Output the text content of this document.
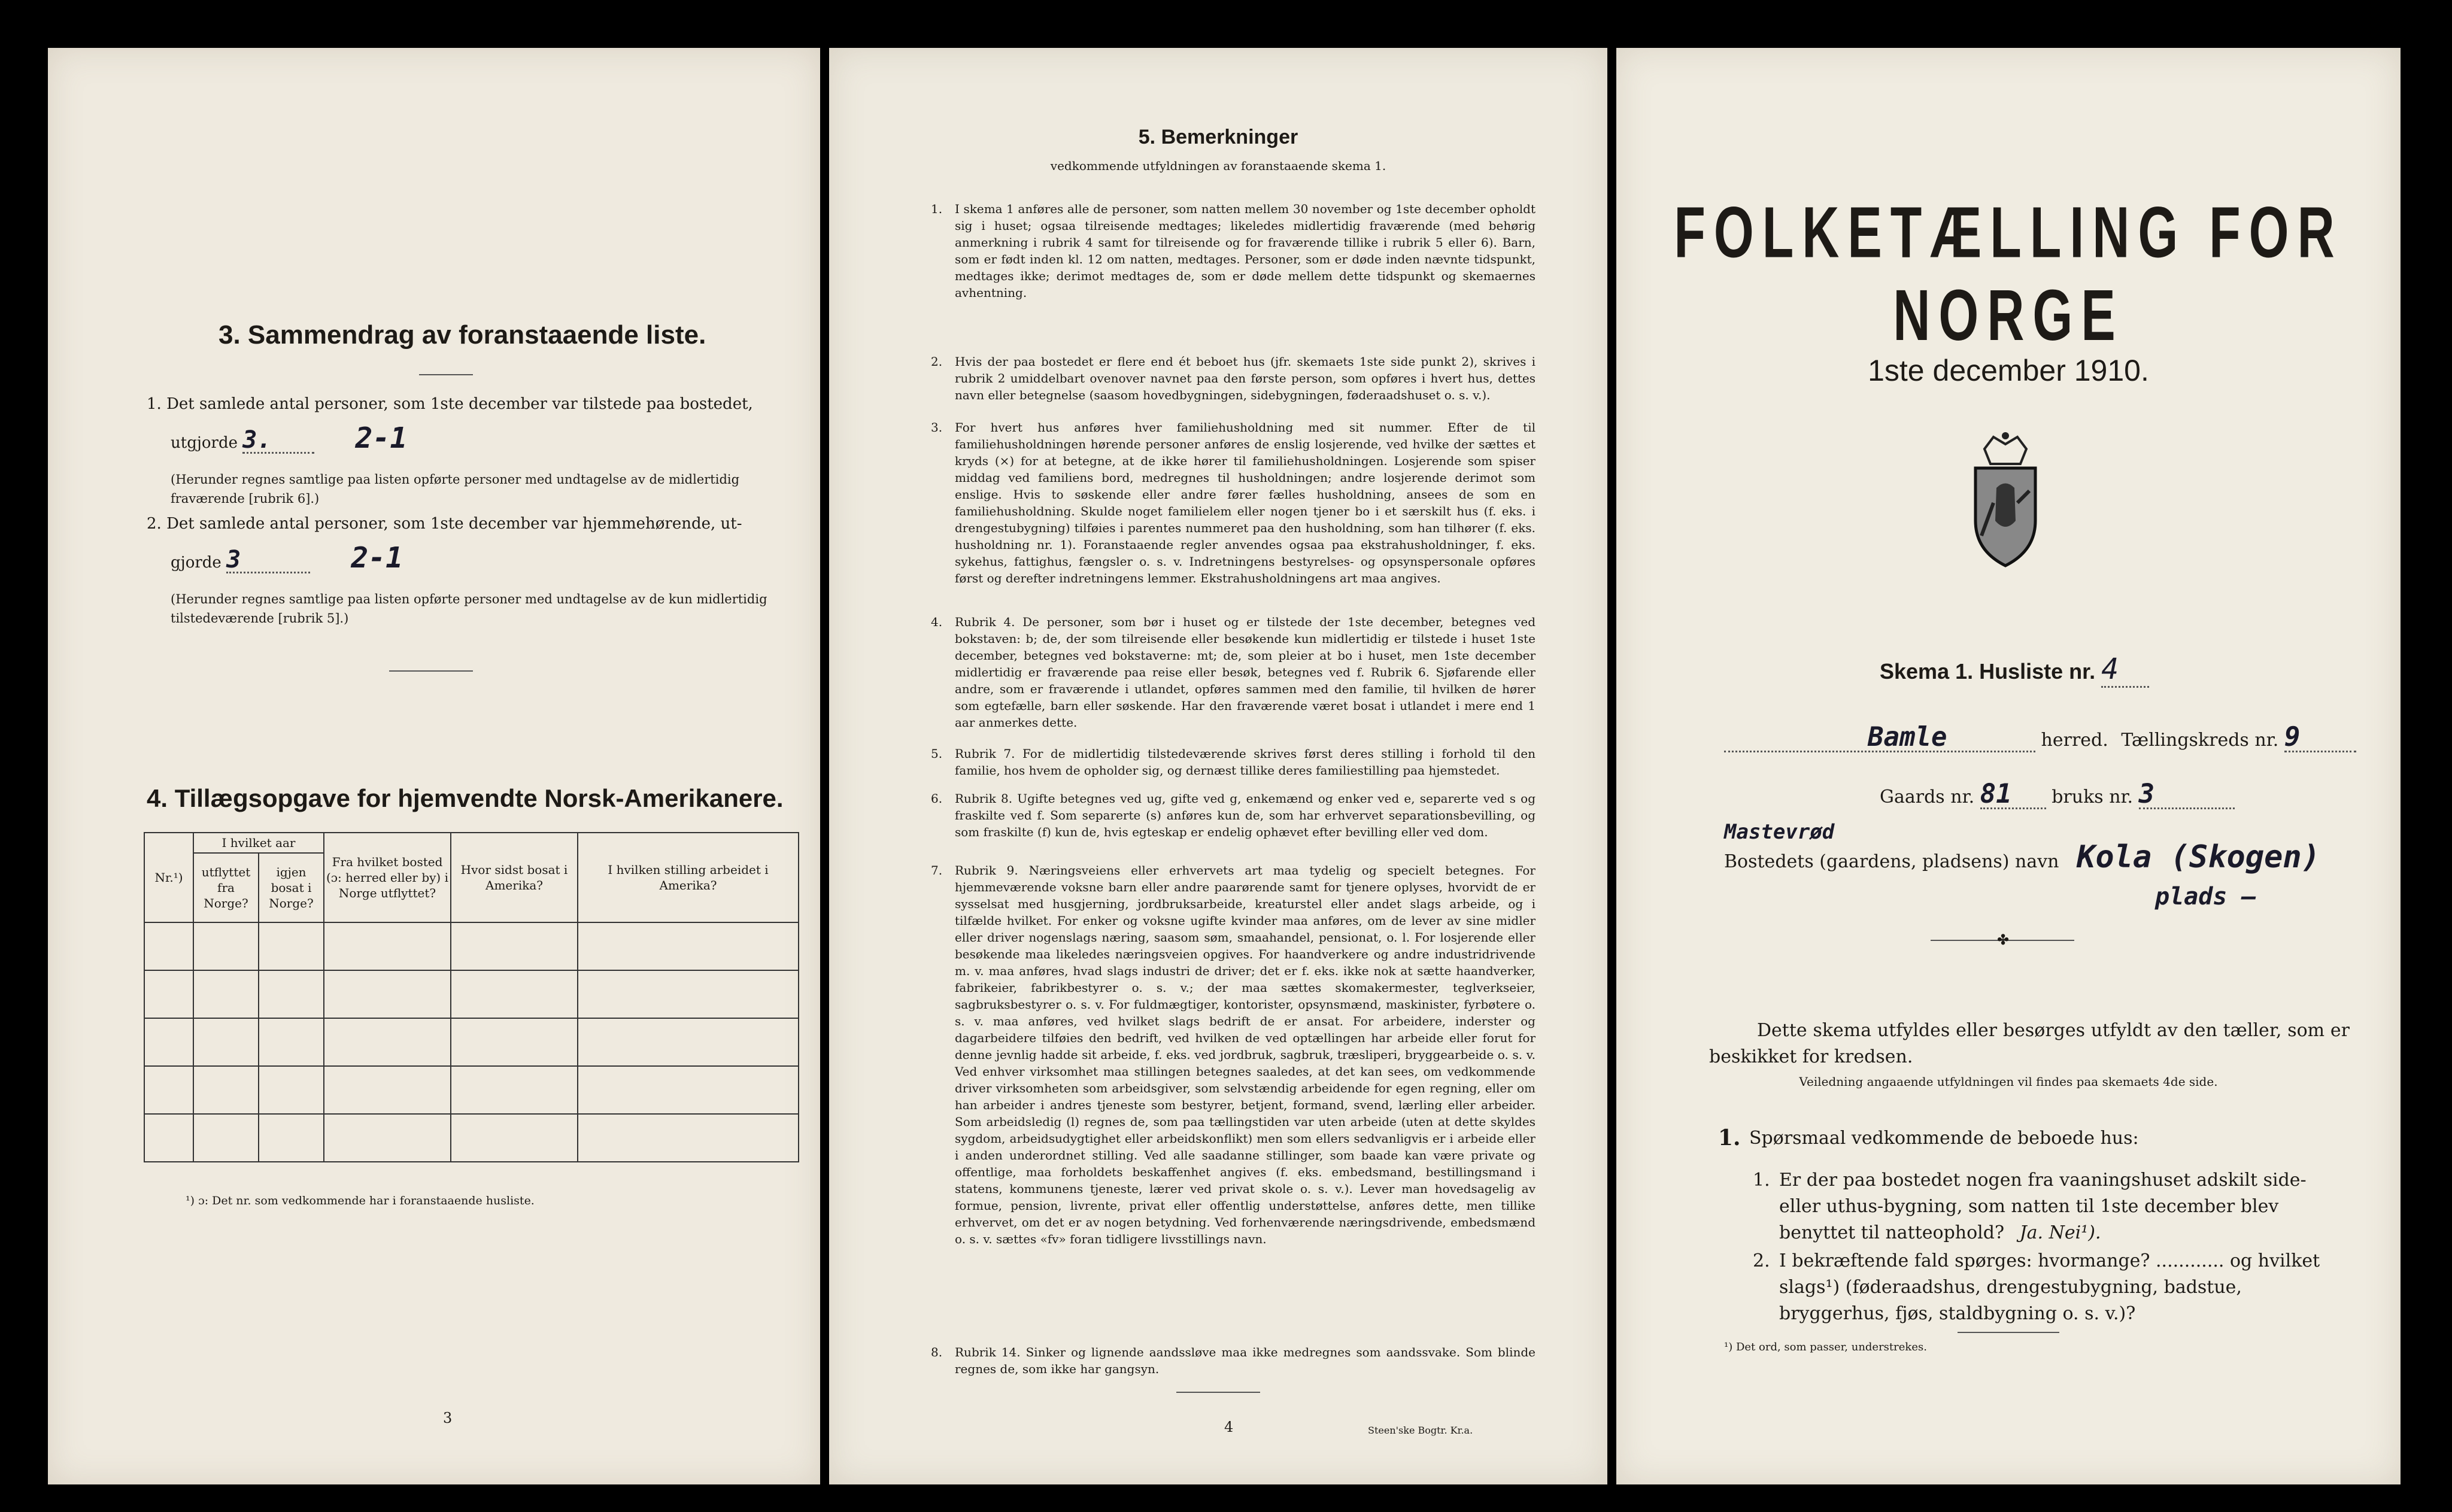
3. Sammendrag av foranstaaende liste.
1. Det samlede antal personer, som 1ste december var tilstede paa bostedet,
utgjorde 3.	2-1
(Herunder regnes samtlige paa listen opførte personer med undtagelse av de midlertidig fraværende [rubrik 6].)
2. Det samlede antal personer, som 1ste december var hjemmehørende, ut-
gjorde 3	2-1
(Herunder regnes samtlige paa listen opførte personer med undtagelse av de kun midlertidig tilstedeværende [rubrik 5].)
4. Tillægsopgave for hjemvendte Norsk-Amerikanere.
Nr.¹)	I hvilket aar		Fra hvilket bosted (ɔ: herred eller by) i Norge utflyttet?	Hvor sidst bosat i Amerika?	I hvilken stilling arbeidet i Amerika?
	utflyttet fra Norge?	igjen bosat i Norge?			

¹) ɔ: Det nr. som vedkommende har i foranstaaende husliste.
3
5. Bemerkninger
vedkommende utfyldningen av foranstaaende skema 1.
1. I skema 1 anføres alle de personer, som natten mellem 30 november og 1ste december opholdt sig i huset; ogsaa tilreisende medtages; likeledes midlertidig fraværende (med behørig anmerkning i rubrik 4 samt for tilreisende og for fraværende tillike i rubrik 5 eller 6). Barn, som er født inden kl. 12 om natten, medtages. Personer, som er døde inden nævnte tidspunkt, medtages ikke; derimot medtages de, som er døde mellem dette tidspunkt og skemaernes avhentning.
2. Hvis der paa bostedet er flere end ét beboet hus (jfr. skemaets 1ste side punkt 2), skrives i rubrik 2 umiddelbart ovenover navnet paa den første person, som opføres i hvert hus, dettes navn eller betegnelse (saasom hovedbygningen, sidebygningen, føderaadshuset o. s. v.).
3. For hvert hus anføres hver familiehusholdning med sit nummer. Efter de til familiehusholdningen hørende personer anføres de enslig losjerende, ved hvilke der sættes et kryds (×) for at betegne, at de ikke hører til familiehusholdningen. Losjerende som spiser middag ved familiens bord, medregnes til husholdningen; andre losjerende derimot som enslige. Hvis to søskende eller andre fører fælles husholdning, ansees de som en familiehusholdning. Skulde noget familielem eller nogen tjener bo i et særskilt hus (f. eks. i drengestubygning) tilføies i parentes nummeret paa den husholdning, som han tilhører (f. eks. husholdning nr. 1). Foranstaaende regler anvendes ogsaa paa ekstrahusholdninger, f. eks. sykehus, fattighus, fængsler o. s. v. Indretningens bestyrelses- og opsynspersonale opføres først og derefter indretningens lemmer. Ekstrahusholdningens art maa angives.
4. Rubrik 4. De personer, som bør i huset og er tilstede der 1ste december, betegnes ved bokstaven: b; de, der som tilreisende eller besøkende kun midlertidig er tilstede i huset 1ste december, betegnes ved bokstaverne: mt; de, som pleier at bo i huset, men 1ste december midlertidig er fraværende paa reise eller besøk, betegnes ved f. Rubrik 6. Sjøfarende eller andre, som er fraværende i utlandet, opføres sammen med den familie, til hvilken de hører som egtefælle, barn eller søskende. Har den fraværende været bosat i utlandet i mere end 1 aar anmerkes dette.
5. Rubrik 7. For de midlertidig tilstedeværende skrives først deres stilling i forhold til den familie, hos hvem de opholder sig, og dernæst tillike deres familiestilling paa hjemstedet.
6. Rubrik 8. Ugifte betegnes ved ug, gifte ved g, enkemænd og enker ved e, separerte ved s og fraskilte ved f. Som separerte (s) anføres kun de, som har erhvervet separationsbevilling, og som fraskilte (f) kun de, hvis egteskap er endelig ophævet efter bevilling eller ved dom.
7. Rubrik 9. Næringsveiens eller erhvervets art maa tydelig og specielt betegnes. For hjemmeværende voksne barn eller andre paarørende samt for tjenere oplyses, hvorvidt de er sysselsat med husgjerning, jordbruksarbeide, kreaturstel eller andet slags arbeide, og i tilfælde hvilket. For enker og voksne ugifte kvinder maa anføres, om de lever av sine midler eller driver nogenslags næring, saasom søm, smaahandel, pensionat, o. l. For losjerende eller besøkende maa likeledes næringsveien opgives. For haandverkere og andre industridrivende m. v. maa anføres, hvad slags industri de driver; det er f. eks. ikke nok at sætte haandverker, fabrikeier, fabrikbestyrer o. s. v.; der maa sættes skomakermester, teglverkseier, sagbruksbestyrer o. s. v. For fuldmægtiger, kontorister, opsynsmænd, maskinister, fyrbøtere o. s. v. maa anføres, ved hvilket slags bedrift de er ansat. For arbeidere, inderster og dagarbeidere tilføies den bedrift, ved hvilken de ved optællingen har arbeide eller forut for denne jevnlig hadde sit arbeide, f. eks. ved jordbruk, sagbruk, træsliperi, bryggearbeide o. s. v. Ved enhver virksomhet maa stillingen betegnes saaledes, at det kan sees, om vedkommende driver virksomheten som arbeidsgiver, som selvstændig arbeidende for egen regning, eller om han arbeider i andres tjeneste som bestyrer, betjent, formand, svend, lærling eller arbeider. Som arbeidsledig (l) regnes de, som paa tællingstiden var uten arbeide (uten at dette skyldes sygdom, arbeidsudygtighet eller arbeidskonflikt) men som ellers sedvanligvis er i arbeide eller i anden underordnet stilling. Ved alle saadanne stillinger, som baade kan være private og offentlige, maa forholdets beskaffenhet angives (f. eks. embedsmand, bestillingsmand i statens, kommunens tjeneste, lærer ved privat skole o. s. v.). Lever man hovedsagelig av formue, pension, livrente, privat eller offentlig understøttelse, anføres dette, men tillike erhvervet, om det er av nogen betydning. Ved forhenværende næringsdrivende, embedsmænd o. s. v. sættes «fv» foran tidligere livsstillings navn.
8. Rubrik 14. Sinker og lignende aandssløve maa ikke medregnes som aandssvake. Som blinde regnes de, som ikke har gangsyn.
4	Steen'ske Bogtr. Kr.a.
FOLKETÆLLING FOR NORGE
1ste december 1910.
Skema 1. Husliste nr. 4
Bamle	herred. Tællingskreds nr. 9
Gaards nr. 81 bruks nr. 3
Mastevrød
Bostedets (gaardens, pladsens) navn Kola (Skogen)
plads –
✤
Dette skema utfyldes eller besørges utfyldt av den tæller, som er beskikket for kredsen.
Veiledning angaaende utfyldningen vil findes paa skemaets 4de side.
1. Spørsmaal vedkommende de beboede hus:
1. Er der paa bostedet nogen fra vaaningshuset adskilt side- eller uthus-bygning, som natten til 1ste december blev benyttet til natteophold? Ja. Nei¹).
2. I bekræftende fald spørges: hvormange? ............ og hvilket slags¹) (føderaadshus, drengestubygning, badstue, bryggerhus, fjøs, staldbygning o. s. v.)?
¹) Det ord, som passer, understrekes.
